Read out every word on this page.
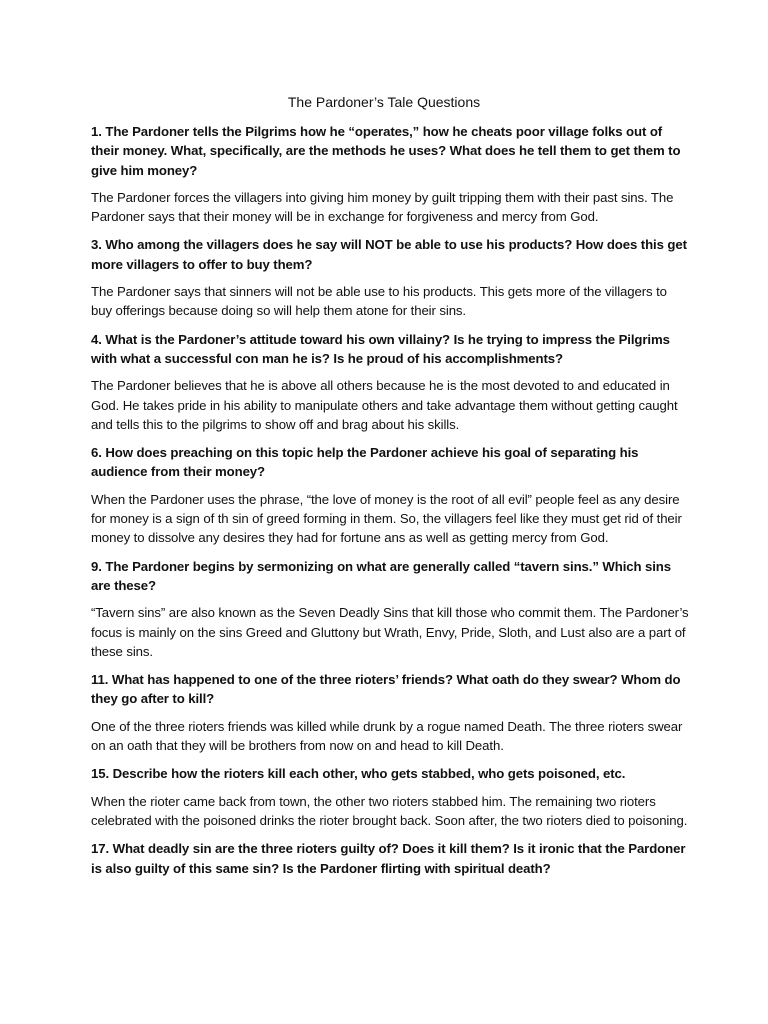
The Pardoner’s Tale Questions

1. The Pardoner tells the Pilgrims how he “operates,” how he cheats poor village folks out of their money. What, specifically, are the methods he uses? What does he tell them to get them to give him money?

The Pardoner forces the villagers into giving him money by guilt tripping them with their past sins. The Pardoner says that their money will be in exchange for forgiveness and mercy from God.

3. Who among the villagers does he say will NOT be able to use his products? How does this get more villagers to offer to buy them?

The Pardoner says that sinners will not be able use to his products. This gets more of the villagers to buy offerings because doing so will help them atone for their sins.

4. What is the Pardoner’s attitude toward his own villainy? Is he trying to impress the Pilgrims with what a successful con man he is? Is he proud of his accomplishments?

The Pardoner believes that he is above all others because he is the most devoted to and educated in God. He takes pride in his ability to manipulate others and take advantage them without getting caught and tells this to the pilgrims to show off and brag about his skills.

6. How does preaching on this topic help the Pardoner achieve his goal of separating his audience from their money?

When the Pardoner uses the phrase, “the love of money is the root of all evil” people feel as any desire for money is a sign of th sin of greed forming in them. So, the villagers feel like they must get rid of their money to dissolve any desires they had for fortune ans as well as getting mercy from God.

9. The Pardoner begins by sermonizing on what are generally called “tavern sins.” Which sins are these?

“Tavern sins” are also known as the Seven Deadly Sins that kill those who commit them. The Pardoner’s focus is mainly on the sins Greed and Gluttony but Wrath, Envy, Pride, Sloth, and Lust also are a part of these sins.

11. What has happened to one of the three rioters’ friends? What oath do they swear? Whom do they go after to kill?

One of the three rioters friends was killed while drunk by a rogue named Death. The three rioters swear on an oath that they will be brothers from now on and head to kill Death.

15. Describe how the rioters kill each other, who gets stabbed, who gets poisoned, etc.

When the rioter came back from town, the other two rioters stabbed him. The remaining two rioters celebrated with the poisoned drinks the rioter brought back. Soon after, the two rioters died to poisoning.

17. What deadly sin are the three rioters guilty of? Does it kill them? Is it ironic that the Pardoner is also guilty of this same sin? Is the Pardoner flirting with spiritual death?
